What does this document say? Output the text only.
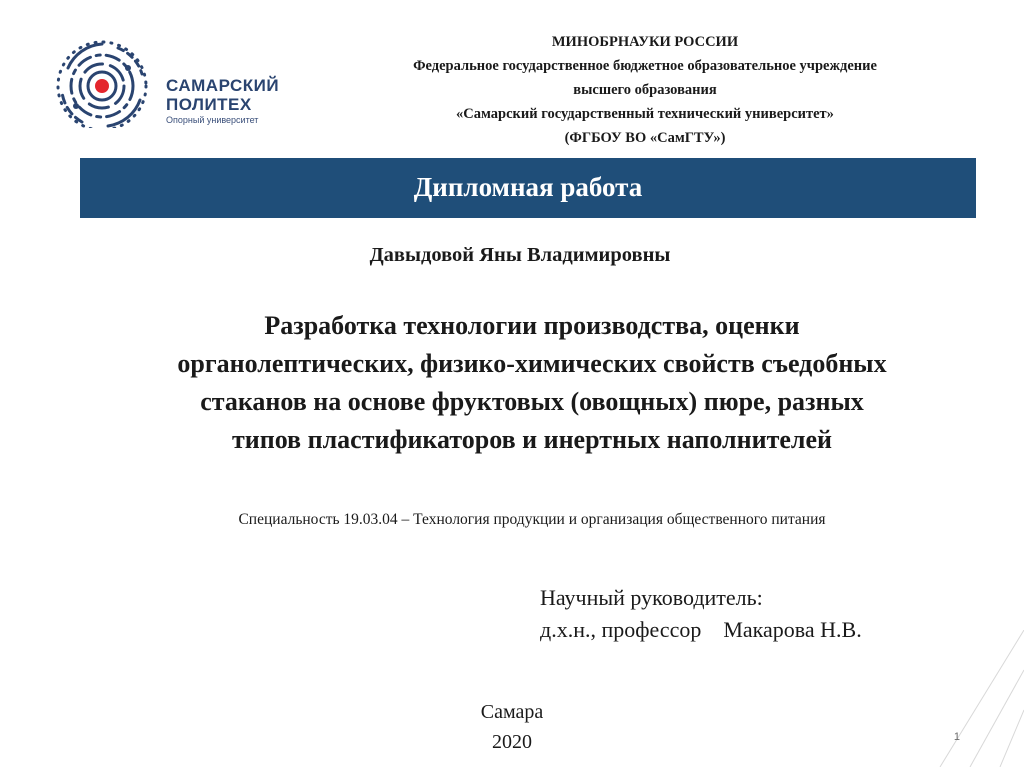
САМАРСКИЙ
ПОЛИТЕХ
Опорный университет
МИНОБРНАУКИ РОССИИ
Федеральное государственное бюджетное образовательное учреждение
высшего образования
«Самарский государственный технический университет»
(ФГБОУ ВО «СамГТУ»)
Дипломная работа
Давыдовой Яны Владимировны
Разработка технологии производства, оценки
органолептических, физико-химических свойств съедобных
стаканов на основе фруктовых (овощных) пюре, разных
типов пластификаторов и инертных наполнителей
Специальность 19.03.04 – Технология продукции и организация общественного питания
Научный руководитель:
д.х.н., профессор Макарова Н.В.
Самара
2020	1
